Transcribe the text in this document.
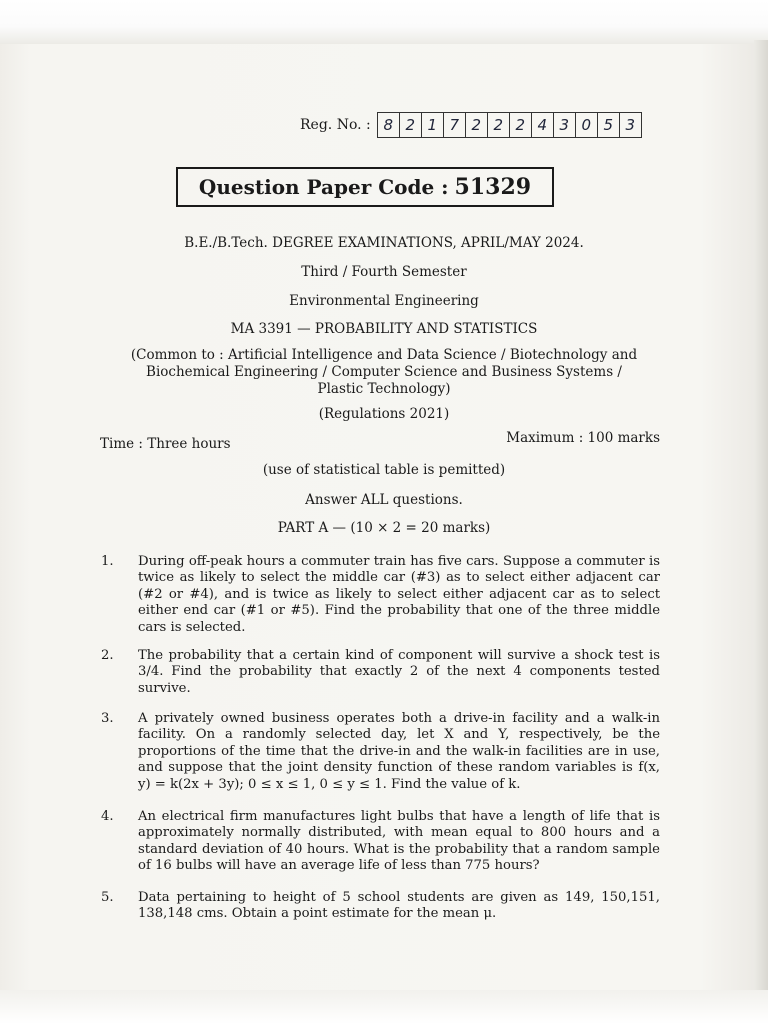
Reg. No. : 8 2 1 7 2 2 2 4 3 0 5 3
Question Paper Code : 51329
B.E./B.Tech. DEGREE EXAMINATIONS, APRIL/MAY 2024.
Third / Fourth Semester
Environmental Engineering
MA 3391 — PROBABILITY AND STATISTICS
(Common to : Artificial Intelligence and Data Science / Biotechnology and
Biochemical Engineering / Computer Science and Business Systems /
Plastic Technology)
(Regulations 2021)
Time : Three hours	Maximum : 100 marks
(use of statistical table is pemitted)
Answer ALL questions.
PART A — (10 × 2 = 20 marks)
1. During off-peak hours a commuter train has five cars. Suppose a commuter is twice as likely to select the middle car (#3) as to select either adjacent car (#2 or #4), and is twice as likely to select either adjacent car as to select either end car (#1 or #5). Find the probability that one of the three middle cars is selected.
2. The probability that a certain kind of component will survive a shock test is 3/4. Find the probability that exactly 2 of the next 4 components tested survive.
3. A privately owned business operates both a drive-in facility and a walk-in facility. On a randomly selected day, let X and Y, respectively, be the proportions of the time that the drive-in and the walk-in facilities are in use, and suppose that the joint density function of these random variables is f(x, y) = k(2x + 3y); 0 ≤ x ≤ 1, 0 ≤ y ≤ 1. Find the value of k.
4. An electrical firm manufactures light bulbs that have a length of life that is approximately normally distributed, with mean equal to 800 hours and a standard deviation of 40 hours. What is the probability that a random sample of 16 bulbs will have an average life of less than 775 hours?
5. Data pertaining to height of 5 school students are given as 149, 150,151, 138,148 cms. Obtain a point estimate for the mean μ.
